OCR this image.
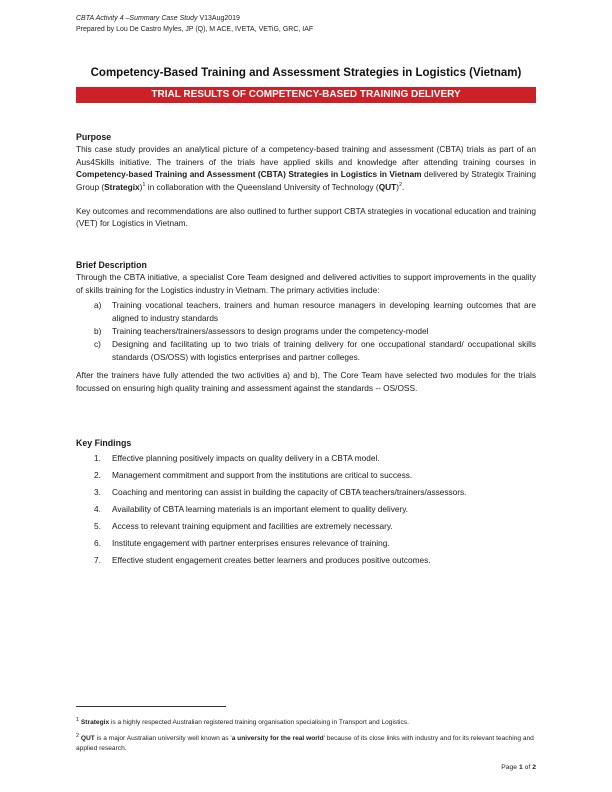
CBTA Activity 4 –Summary Case Study V13Aug2019
Prepared by Lou De Castro Myles, JP (Q), M ACE, IVETA, VETiG, GRC, IAF
Competency-Based Training and Assessment Strategies in Logistics (Vietnam)
TRIAL RESULTS OF COMPETENCY-BASED TRAINING DELIVERY
Purpose

This case study provides an analytical picture of a competency-based training and assessment (CBTA) trials as part of an Aus4Skills initiative. The trainers of the trials have applied skills and knowledge after attending training courses in Competency-based Training and Assessment (CBTA) Strategies in Logistics in Vietnam delivered by Strategix Training Group (Strategix)$^1$ in collaboration with the Queensland University of Technology (QUT)$^2$.

Key outcomes and recommendations are also outlined to further support CBTA strategies in vocational education and training (VET) for Logistics in Vietnam.

Brief Description

Through the CBTA initiative, a specialist Core Team designed and delivered activities to support improvements in the quality of skills training for the Logistics industry in Vietnam. The primary activities include:

a) Training vocational teachers, trainers and human resource managers in developing learning outcomes that are aligned to industry standards
b) Training teachers/trainers/assessors to design programs under the competency-model
c) Designing and facilitating up to two trials of training delivery for one occupational standard/ occupational skills standards (OS/OSS) with logistics enterprises and partner colleges.

After the trainers have fully attended the two activities a) and b), The Core Team have selected two modules for the trials focussed on ensuring high quality training and assessment against the standards -- OS/OSS.

Key Findings
1. Effective planning positively impacts on quality delivery in a CBTA model.
2. Management commitment and support from the institutions are critical to success.
3. Coaching and mentoring can assist in building the capacity of CBTA teachers/trainers/assessors.
4. Availability of CBTA learning materials is an important element to quality delivery.
5. Access to relevant training equipment and facilities are extremely necessary.
6. Institute engagement with partner enterprises ensures relevance of training.
7. Effective student engagement creates better learners and produces positive outcomes.
$^1$ Strategix is a highly respected Australian registered training organisation specialising in Transport and Logistics.
$^2$ QUT is a major Australian university well known as 'a university for the real world' because of its close links with industry and for its relevant teaching and applied research.
Page 1 of 2
